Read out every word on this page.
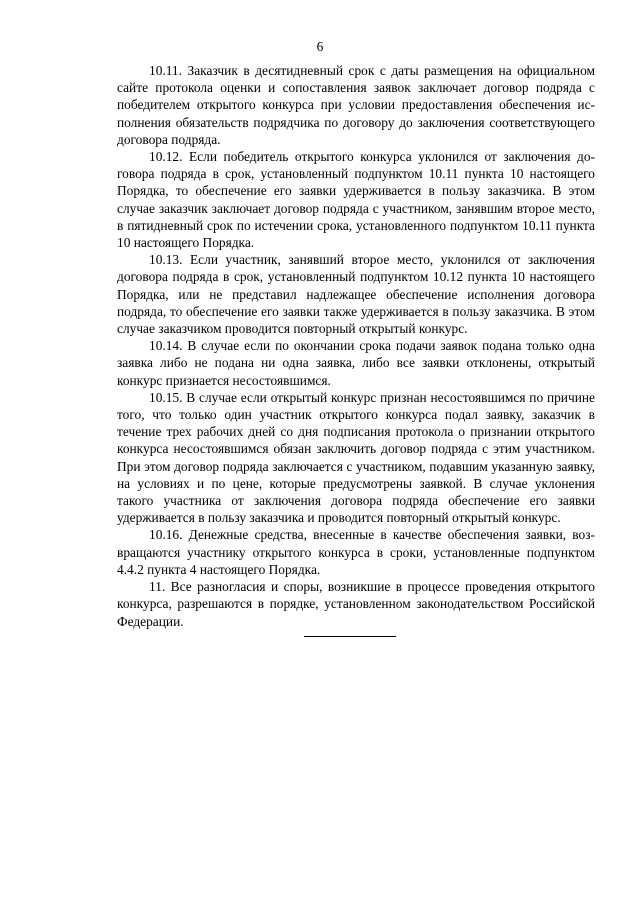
6

10.11. Заказчик в десятидневный срок с даты размещения на официальном сайте протокола оценки и сопоставления заявок заключает договор подряда с победителем открытого конкурса при условии предоставления обеспечения исполнения обязательств подрядчика по договору до заключения соответствующего договора подряда.

10.12. Если победитель открытого конкурса уклонился от заключения договора подряда в срок, установленный подпунктом 10.11 пункта 10 настоящего Порядка, то обеспечение его заявки удерживается в пользу заказчика. В этом случае заказчик заключает договор подряда с участником, занявшим второе место, в пятидневный срок по истечении срока, установленного подпунктом 10.11 пункта 10 настоящего Порядка.

10.13. Если участник, занявший второе место, уклонился от заключения договора подряда в срок, установленный подпунктом 10.12 пункта 10 настоящего Порядка, или не представил надлежащее обеспечение исполнения договора подряда, то обеспечение его заявки также удерживается в пользу заказчика. В этом случае заказчиком проводится повторный открытый конкурс.

10.14. В случае если по окончании срока подачи заявок подана только одна заявка либо не подана ни одна заявка, либо все заявки отклонены, открытый конкурс признается несостоявшимся.

10.15. В случае если открытый конкурс признан несостоявшимся по причине того, что только один участник открытого конкурса подал заявку, заказчик в течение трех рабочих дней со дня подписания протокола о признании открытого конкурса несостоявшимся обязан заключить договор подряда с этим участником. При этом договор подряда заключается с участником, подавшим указанную заявку, на условиях и по цене, которые предусмотрены заявкой. В случае уклонения такого участника от заключения договора подряда обеспечение его заявки удерживается в пользу заказчика и проводится повторный открытый конкурс.

10.16. Денежные средства, внесенные в качестве обеспечения заявки, возвращаются участнику открытого конкурса в сроки, установленные подпунктом 4.4.2 пункта 4 настоящего Порядка.

11. Все разногласия и споры, возникшие в процессе проведения открытого конкурса, разрешаются в порядке, установленном законодательством Российской Федерации.
